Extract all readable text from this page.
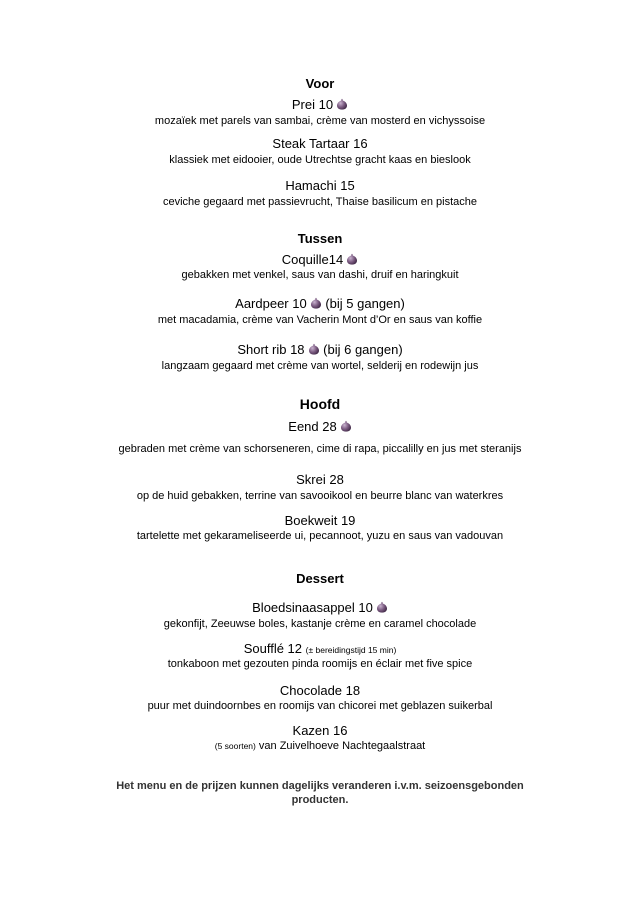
Voor
Prei 10
mozaïek met parels van sambai, crème van mosterd en vichyssoise
Steak Tartaar 16
klassiek met eidooier, oude Utrechtse gracht kaas en bieslook
Hamachi 15
ceviche gegaard met passievrucht, Thaise basilicum en pistache
Tussen
Coquille14
gebakken met venkel, saus van dashi, druif en haringkuit
Aardpeer 10 (bij 5 gangen)
met macadamia, crème van Vacherin Mont d’Or en saus van koffie
Short rib 18 (bij 6 gangen)
langzaam gegaard met crème van wortel, selderij en rodewijn jus
Hoofd
Eend 28
gebraden met crème van schorseneren, cime di rapa, piccalilly en jus met steranijs
Skrei 28
op de huid gebakken, terrine van savooikool en beurre blanc van waterkres
Boekweit 19
tartelette met gekarameliseerde ui, pecannoot, yuzu en saus van vadouvan
Dessert
Bloedsinaasappel 10
gekonfijt, Zeeuwse boles, kastanje crème en caramel chocolade
Soufflé 12 (± bereidingstijd 15 min)
tonkaboon met gezouten pinda roomijs en éclair met five spice
Chocolade 18
puur met duindoornbes en roomijs van chicorei met geblazen suikerbal
Kazen 16
(5 soorten) van Zuivelhoeve Nachtegaalstraat
Het menu en de prijzen kunnen dagelijks veranderen i.v.m. seizoensgebonden
producten.
